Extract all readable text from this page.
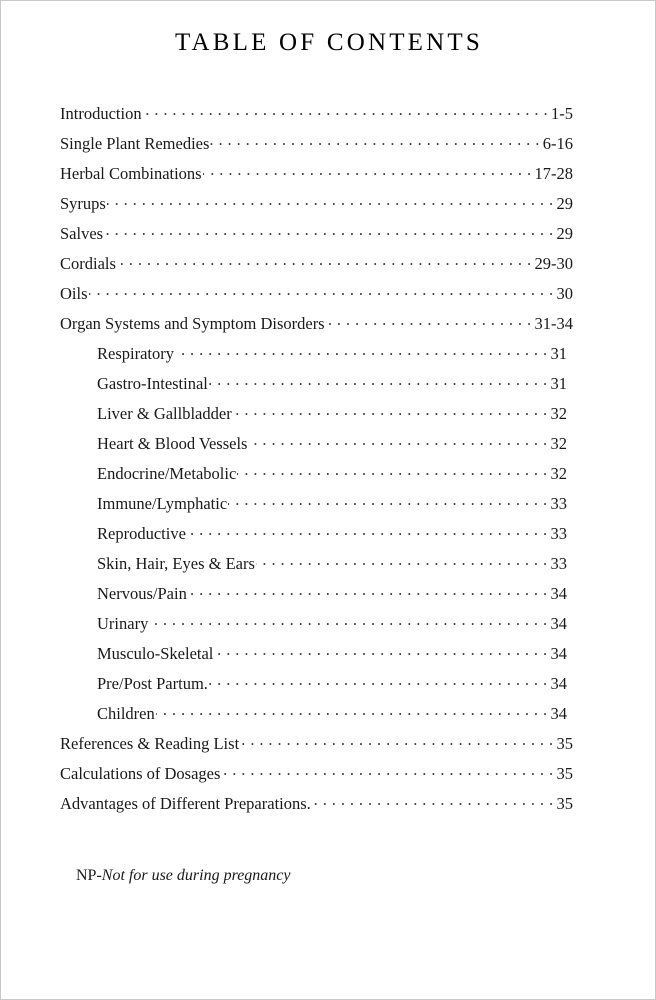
TABLE OF CONTENTS
Introduction . . .	1-5
Single Plant Remedies . . .	6-16
Herbal Combinations . . .	17-28
Syrups . . .	29
Salves . . .	29
Cordials . . .	29-30
Oils . . .	30
Organ Systems and Symptom Disorders . . .	31-34
Respiratory . . .	31
Gastro-Intestinal . . .	31
Liver & Gallbladder . . .	32
Heart & Blood Vessels . . .	32
Endocrine/Metabolic . . .	32
Immune/Lymphatic . . .	33
Reproductive . . .	33
Skin, Hair, Eyes & Ears . . .	33
Nervous/Pain . . .	34
Urinary . . .	34
Musculo-Skeletal . . .	34
Pre/Post Partum. . . .	34
Children . . .	34
References & Reading List . . .	35
Calculations of Dosages . . .	35
Advantages of Different Preparations. . . .	35

NP-Not for use during pregnancy
